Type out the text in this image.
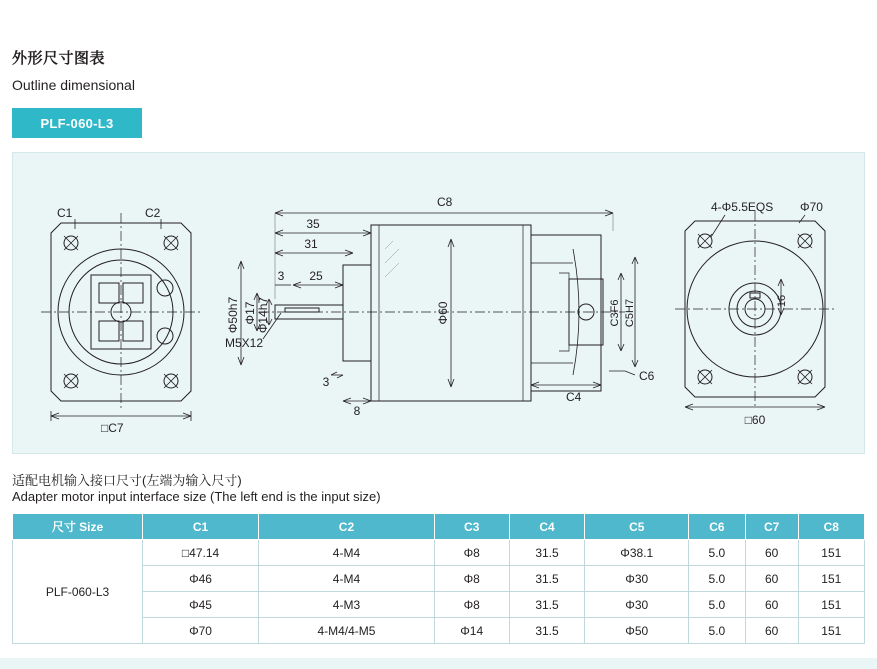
外形尺寸图表
Outline dimensional
PLF-060-L3
C1	C2
□C7
C8
35
31
25
3
3
8
Φ50h7 Φ17 Φ14h7
M5X12
Φ60	C3F6 C5H7
C6
C4
4-Φ5.5EQS Φ70
16
□60
适配电机输入接口尺寸(左端为输入尺寸)
Adapter motor input interface size (The left end is the input size)
尺寸 Size	C1	C2	C3	C4	C5	C6	C7	C8
PLF-060-L3	□47.14	4-M4	Φ8	31.5	Φ38.1	5.0	60	151
	Φ46	4-M4	Φ8	31.5	Φ30	5.0	60	151
	Φ45	4-M3	Φ8	31.5	Φ30	5.0	60	151
	Φ70	4-M4/4-M5	Φ14	31.5	Φ50	5.0	60	151
